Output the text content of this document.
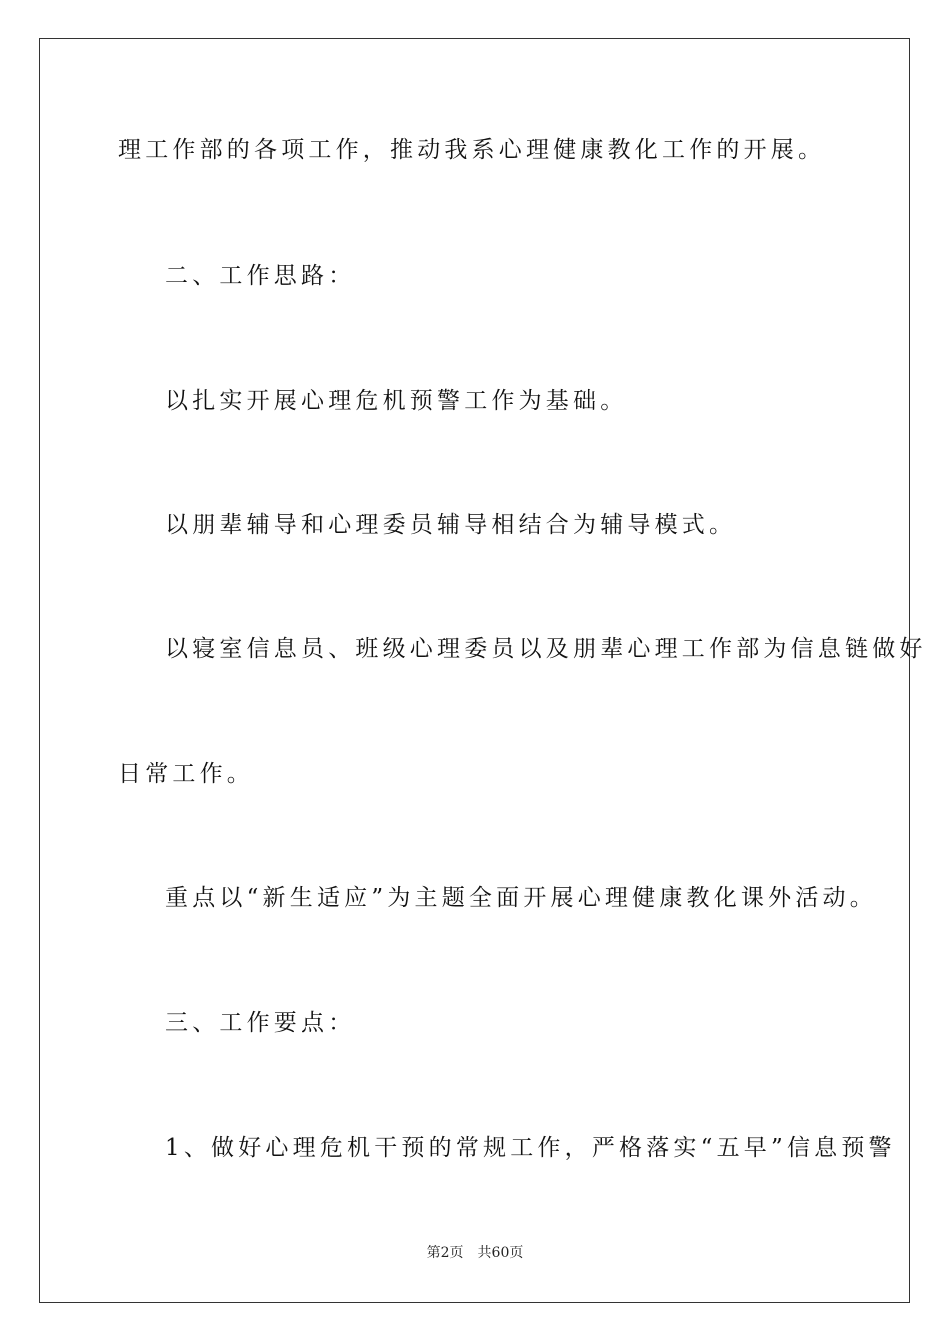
理工作部的各项工作，推动我系心理健康教化工作的开展。
二、工作思路：
以扎实开展心理危机预警工作为基础。
以朋辈辅导和心理委员辅导相结合为辅导模式。
以寝室信息员、班级心理委员以及朋辈心理工作部为信息链做好
日常工作。
重点以“新生适应”为主题全面开展心理健康教化课外活动。
三、工作要点：
1、做好心理危机干预的常规工作，严格落实“五早”信息预警
第2页 共60页
